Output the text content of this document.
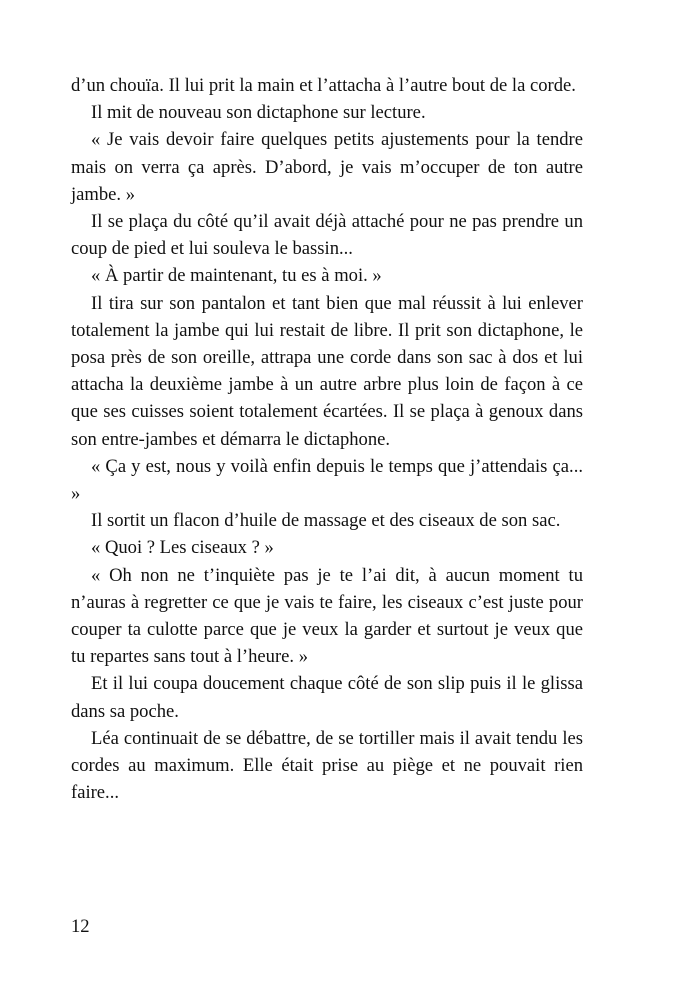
d’un chouïa. Il lui prit la main et l’attacha à l’autre bout de la corde.

Il mit de nouveau son dictaphone sur lecture.

« Je vais devoir faire quelques petits ajustements pour la tendre mais on verra ça après. D’abord, je vais m’occuper de ton autre jambe. »

Il se plaça du côté qu’il avait déjà attaché pour ne pas prendre un coup de pied et lui souleva le bassin...

« À partir de maintenant, tu es à moi. »

Il tira sur son pantalon et tant bien que mal réussit à lui enlever totalement la jambe qui lui restait de libre. Il prit son dictaphone, le posa près de son oreille, attrapa une corde dans son sac à dos et lui attacha la deuxième jambe à un autre arbre plus loin de façon à ce que ses cuisses soient totalement écartées. Il se plaça à genoux dans son entre-jambes et démarra le dictaphone.

« Ça y est, nous y voilà enfin depuis le temps que j’attendais ça... »

Il sortit un flacon d’huile de massage et des ciseaux de son sac.

« Quoi ? Les ciseaux ? »

« Oh non ne t’inquiète pas je te l’ai dit, à aucun moment tu n’auras à regretter ce que je vais te faire, les ciseaux c’est juste pour couper ta culotte parce que je veux la garder et surtout je veux que tu repartes sans tout à l’heure. »

Et il lui coupa doucement chaque côté de son slip puis il le glissa dans sa poche.

Léa continuait de se débattre, de se tortiller mais il avait tendu les cordes au maximum. Elle était prise au piège et ne pouvait rien faire...

12
